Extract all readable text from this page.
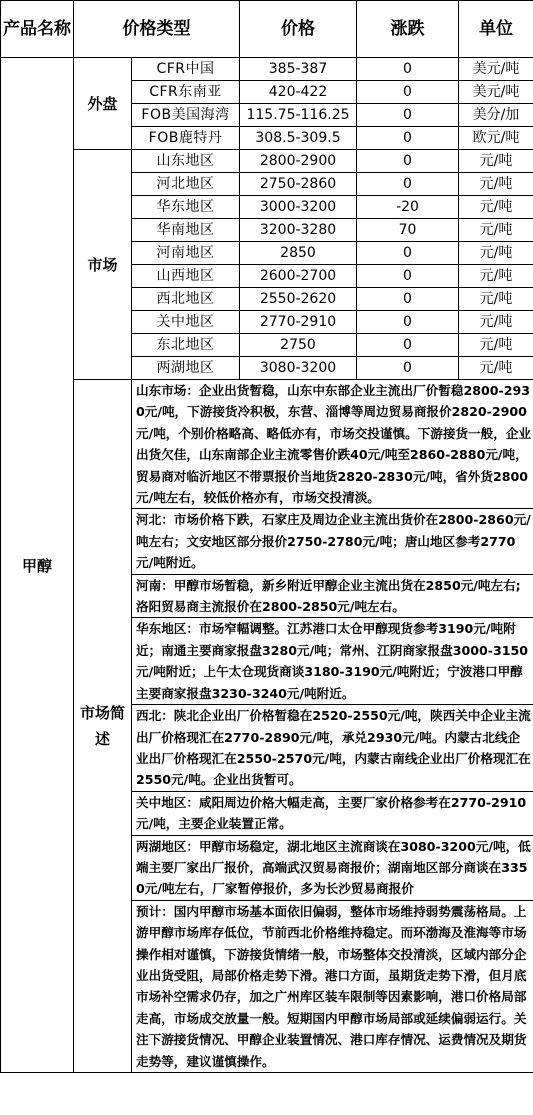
产品名称	价格类型	价格	涨跌	单位
甲醇	外盘	CFR中国	385-387	0	美元/吨
CFR东南亚	420-422	0	美元/吨
FOB美国海湾	115.75-116.25	0	美分/加
FOB鹿特丹	308.5-309.5	0	欧元/吨
市场	山东地区	2800-2900	0	元/吨
河北地区	2750-2860	0	元/吨
华东地区	3000-3200	-20	元/吨
华南地区	3200-3280	70	元/吨
河南地区	2850	0	元/吨
山西地区	2600-2700	0	元/吨
西北地区	2550-2620	0	元/吨
关中地区	2770-2910	0	元/吨
东北地区	2750	0	元/吨
两湖地区	3080-3200	0	元/吨
市场简述	
山东市场：企业出货暂稳，山东中东部企业主流出厂价暂稳2800-2930元/吨，下游接货冷积极，东营、淄博等周边贸易商报价2820-2900元/吨，个别价格略高、略低亦有，市场交投谨慎。下游接货一般，企业出货欠佳，山东南部企业主流零售价跌40元/吨至2860-2880元/吨，贸易商对临沂地区不带票报价当地货2820-2830元/吨，省外货2800元/吨左右，较低价格亦有，市场交投清淡。
河北：市场价格下跌，石家庄及周边企业主流出货价在2800-2860元/吨左右；文安地区部分报价2750-2780元/吨；唐山地区参考2770元/吨附近。
河南：甲醇市场暂稳，新乡附近甲醇企业主流出货在2850元/吨左右;洛阳贸易商主流报价在2800-2850元/吨左右。
华东地区：市场窄幅调整。江苏港口太仓甲醇现货参考3190元/吨附近；南通主要商家报盘3280元/吨；常州、江阴商家报盘3000-3150元/吨附近；上午太仓现货商谈3180-3190元/吨附近；宁波港口甲醇主要商家报盘3230-3240元/吨附近。
西北：陕北企业出厂价格暂稳在2520-2550元/吨，陕西关中企业主流出厂价格现汇在2770-2890元/吨，承兑2930元/吨。内蒙古北线企业出厂价格现汇在2550-2570元/吨，内蒙古南线企业出厂价格现汇在2550元/吨。企业出货暂可。
关中地区：咸阳周边价格大幅走高，主要厂家价格参考在2770-2910元/吨，主要企业装置正常。
两湖地区：甲醇市场稳定，湖北地区主流商谈在3080-3200元/吨，低端主要厂家出厂报价，高端武汉贸易商报价；湖南地区部分商谈在3350元/吨左右，厂家暂停报价，多为长沙贸易商报价
预计：国内甲醇市场基本面依旧偏弱，整体市场维持弱势震荡格局。上游甲醇市场库存低位，节前西北价格维持稳定。而环渤海及淮海等市场操作相对谨慎，下游接货情绪一般，市场整体交投清淡，区域内部分企业出货受阻，局部价格走势下滑。港口方面，虽期货走势下滑，但月底市场补空需求仍存，加之广州库区装车限制等因素影响，港口价格局部走高，市场成交放量一般。短期国内甲醇市场局部或延续偏弱运行。关注下游接货情况、甲醇企业装置情况、港口库存情况、运费情况及期货走势等，建议谨慎操作。
